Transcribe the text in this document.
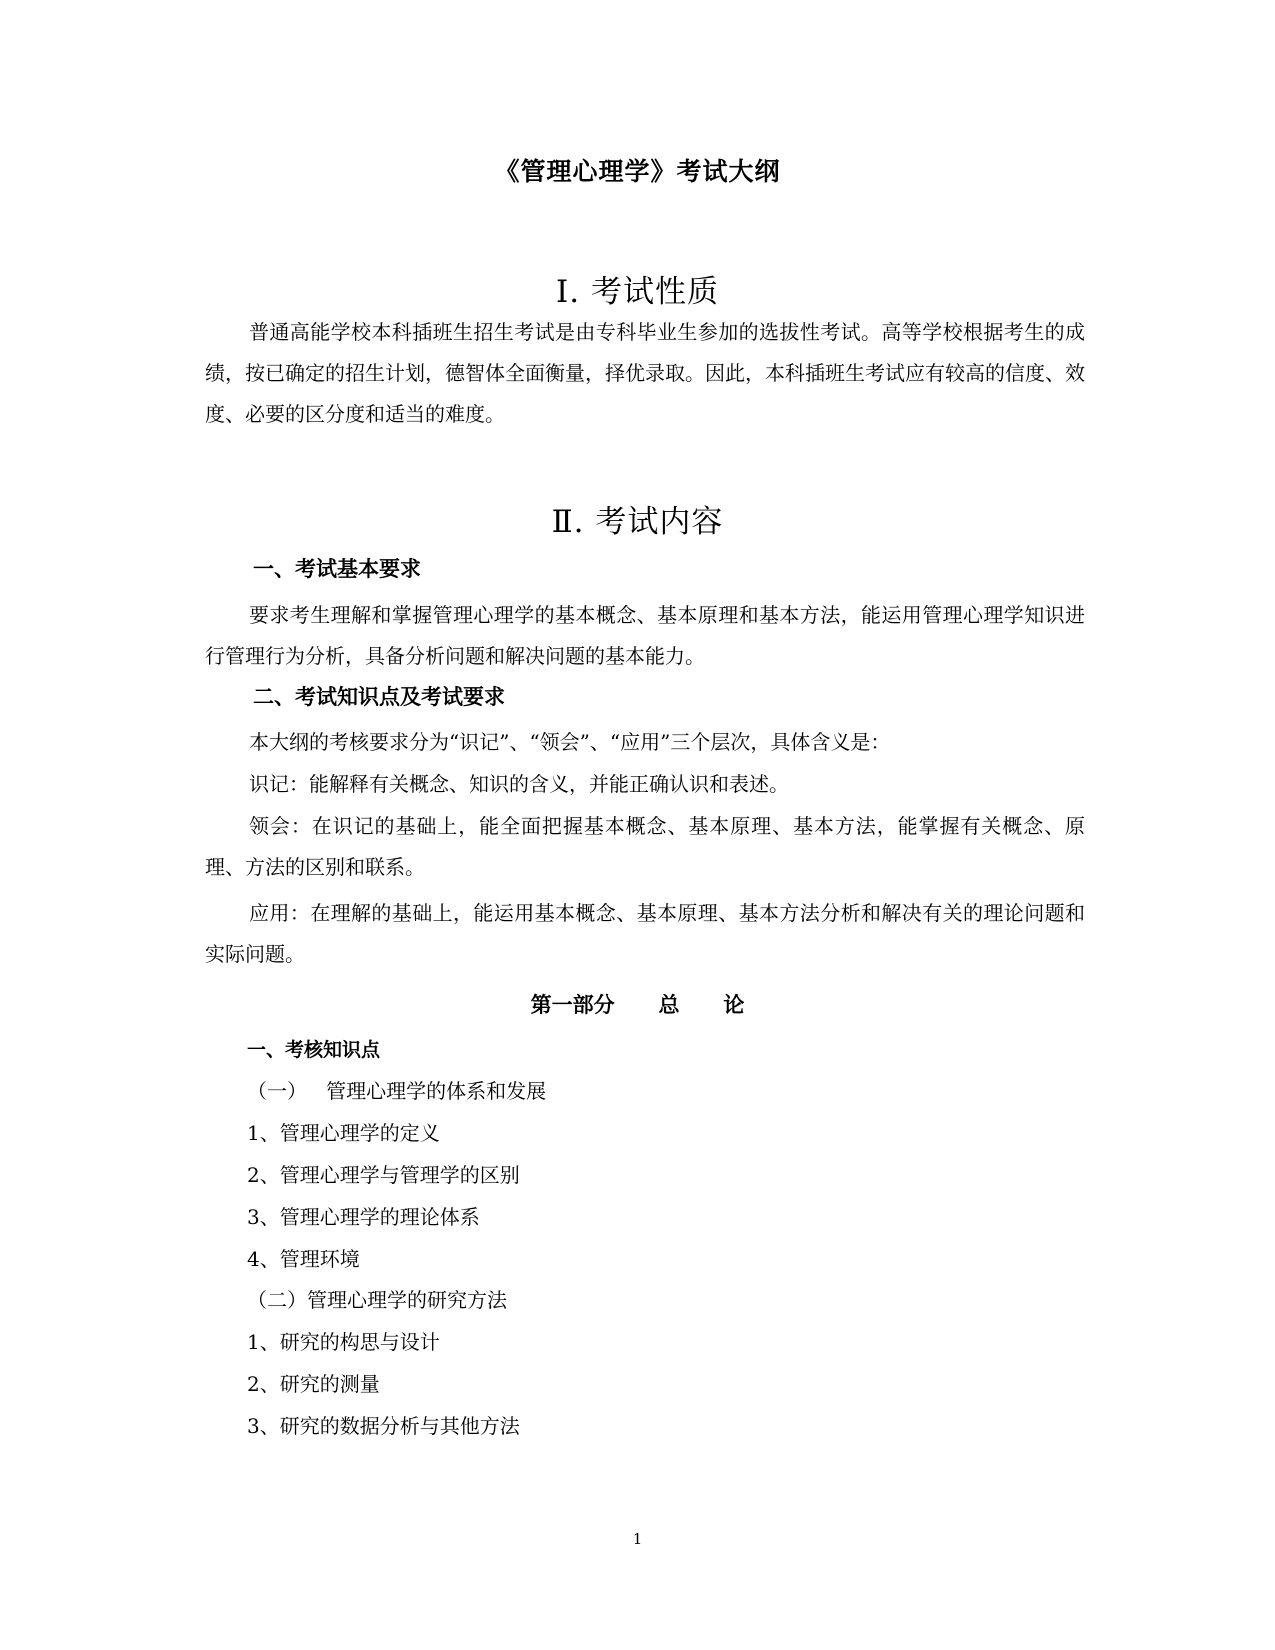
《管理心理学》考试大纲
Ⅰ. 考试性质

普通高能学校本科插班生招生考试是由专科毕业生参加的选拔性考试。高等学校根据考生的成绩，按已确定的招生计划，德智体全面衡量，择优录取。因此，本科插班生考试应有较高的信度、效度、必要的区分度和适当的难度。

Ⅱ. 考试内容
一、考试基本要求

要求考生理解和掌握管理心理学的基本概念、基本原理和基本方法，能运用管理心理学知识进行管理行为分析，具备分析问题和解决问题的基本能力。

二、考试知识点及考试要求
本大纲的考核要求分为“识记”、“领会”、“应用”三个层次，具体含义是：
识记：能解释有关概念、知识的含义，并能正确认识和表述。

领会：在识记的基础上，能全面把握基本概念、基本原理、基本方法，能掌握有关概念、原理、方法的区别和联系。

应用：在理解的基础上，能运用基本概念、基本原理、基本方法分析和解决有关的理论问题和实际问题。

第一部分      总      论
一、考核知识点
（一）   管理心理学的体系和发展
1、管理心理学的定义
2、管理心理学与管理学的区别
3、管理心理学的理论体系
4、管理环境
（二）管理心理学的研究方法
1、研究的构思与设计
2、研究的测量
3、研究的数据分析与其他方法
1
